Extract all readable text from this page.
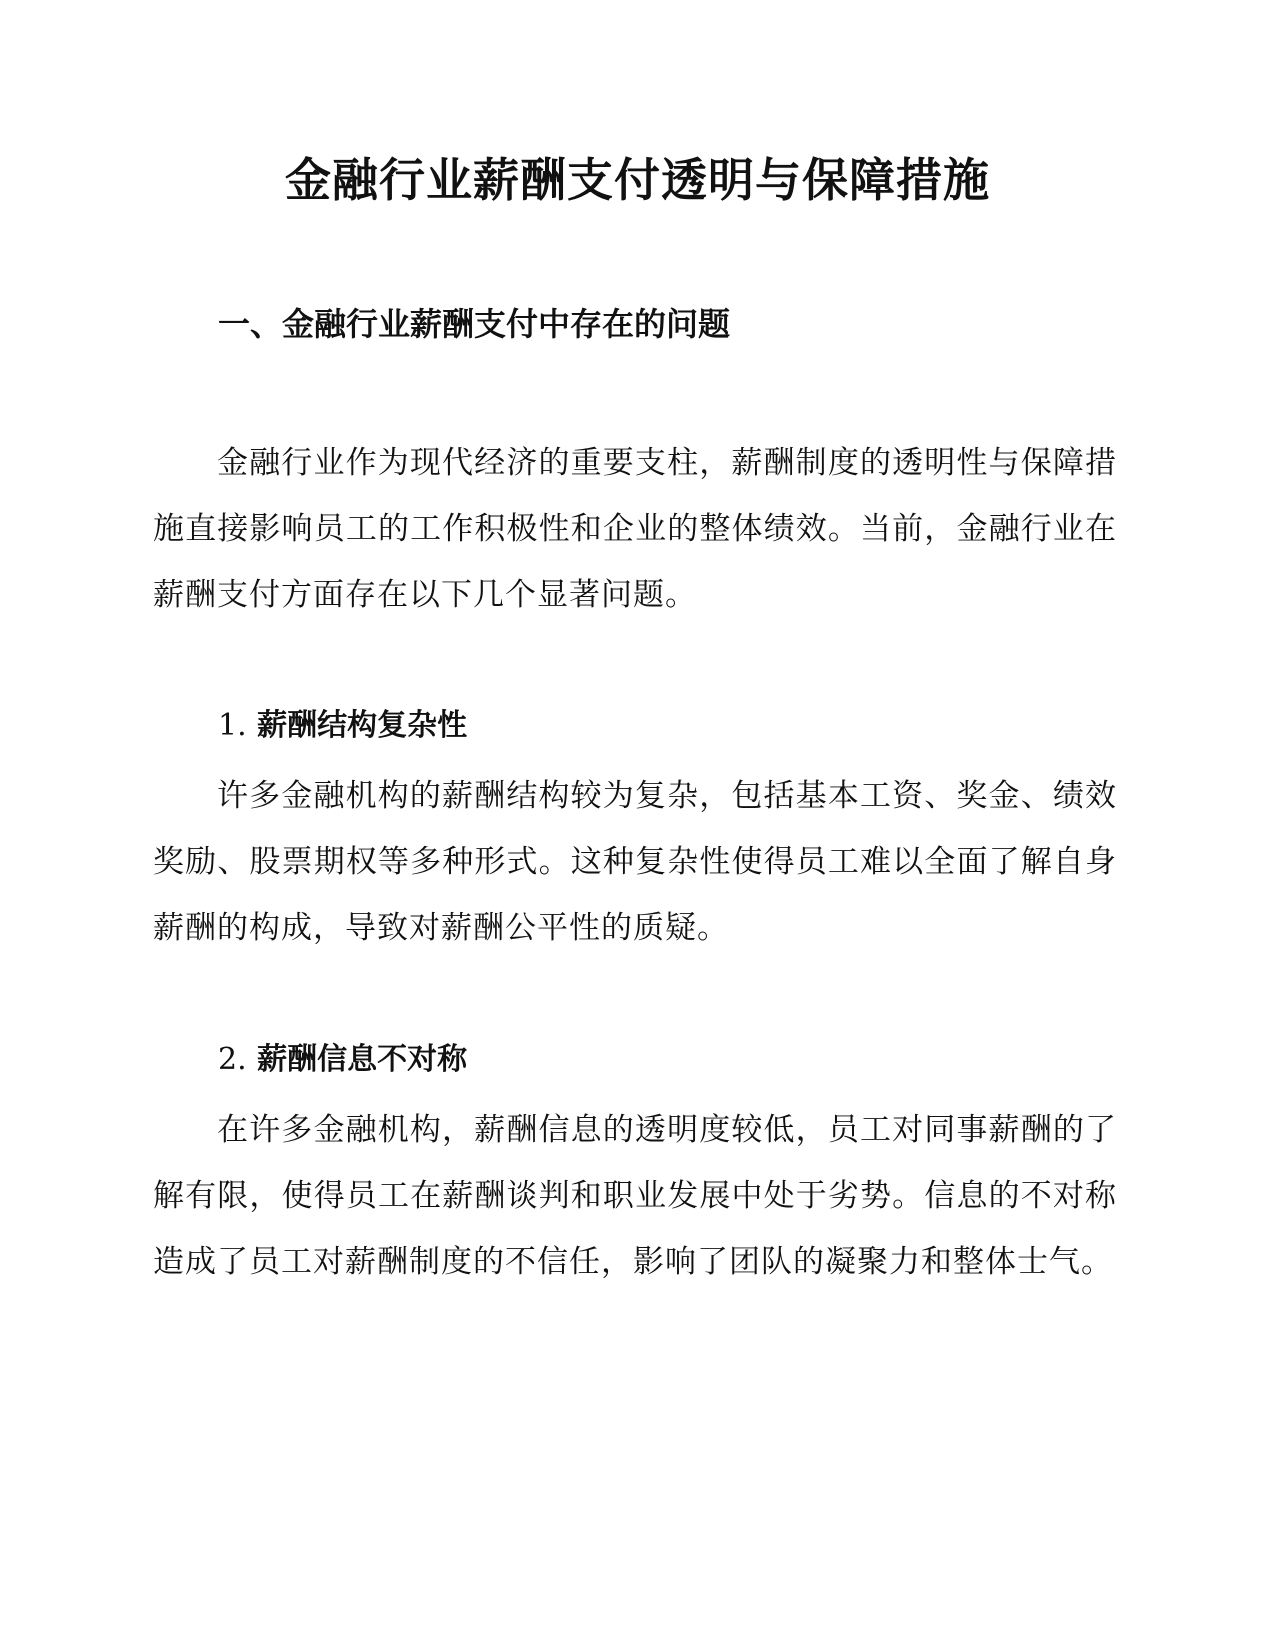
金融行业薪酬支付透明与保障措施
一、金融行业薪酬支付中存在的问题

金融行业作为现代经济的重要支柱，薪酬制度的透明性与保障措施直接影响员工的工作积极性和企业的整体绩效。当前，金融行业在薪酬支付方面存在以下几个显著问题。

1. 薪酬结构复杂性

许多金融机构的薪酬结构较为复杂，包括基本工资、奖金、绩效奖励、股票期权等多种形式。这种复杂性使得员工难以全面了解自身薪酬的构成，导致对薪酬公平性的质疑。

2. 薪酬信息不对称

在许多金融机构，薪酬信息的透明度较低，员工对同事薪酬的了解有限，使得员工在薪酬谈判和职业发展中处于劣势。信息的不对称造成了员工对薪酬制度的不信任，影响了团队的凝聚力和整体士气。
